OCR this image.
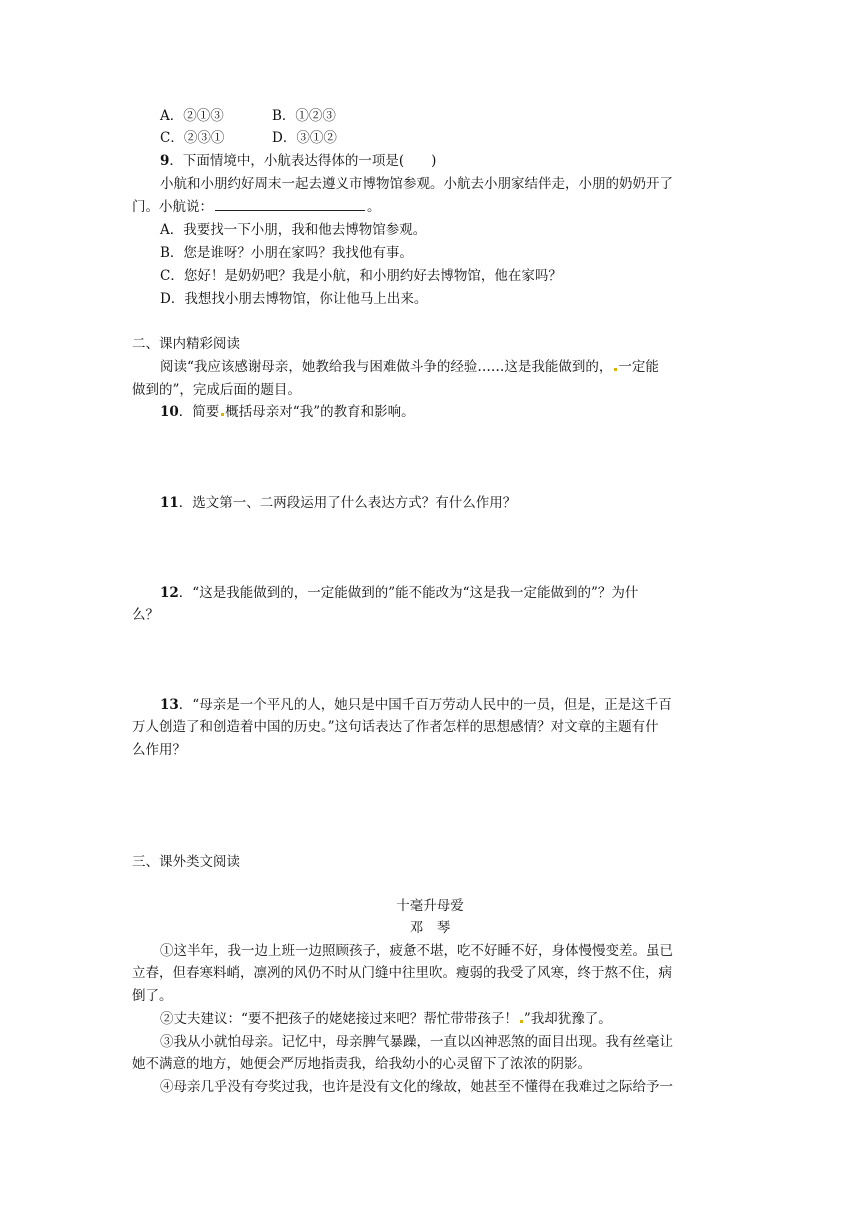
A．②①③	B．①②③
C．②③①	D．③①②
9．下面情境中，小航表达得体的一项是(　　)
小航和小朋约好周末一起去遵义市博物馆参观。小航去小朋家结伴走，小朋的奶奶开了
门。小航说：	。
A．我要找一下小朋，我和他去博物馆参观。
B．您是谁呀？小朋在家吗？我找他有事。
C．您好！是奶奶吧？我是小航，和小朋约好去博物馆，他在家吗？
D．我想找小朋去博物馆，你让他马上出来。
二、课内精彩阅读
阅读“我应该感谢母亲，她教给我与困难做斗争的经验……这是我能做到的， 一定能
做到的”，完成后面的题目。
10．简要 概括母亲对“我”的教育和影响。
11．选文第一、二两段运用了什么表达方式？有什么作用？
12．“这是我能做到的，一定能做到的”能不能改为“这是我一定能做到的”？为什
么？
13．“母亲是一个平凡的人，她只是中国千百万劳动人民中的一员，但是，正是这千百
万人创造了和创造着中国的历史。”这句话表达了作者怎样的思想感情？对文章的主题有什
么作用？
三、课外类文阅读
十毫升母爱
邓　琴
①这半年，我一边上班一边照顾孩子，疲惫不堪，吃不好睡不好，身体慢慢变差。虽已
立春，但春寒料峭，凛冽的风仍不时从门缝中往里吹。瘦弱的我受了风寒，终于熬不住，病
倒了。
②丈夫建议：“要不把孩子的姥姥接过来吧？帮忙带带孩子！ ”我却犹豫了。
③我从小就怕母亲。记忆中，母亲脾气暴躁，一直以凶神恶煞的面目出现。我有丝毫让
她不满意的地方，她便会严厉地指责我，给我幼小的心灵留下了浓浓的阴影。
④母亲几乎没有夸奖过我，也许是没有文化的缘故，她甚至不懂得在我难过之际给予一
